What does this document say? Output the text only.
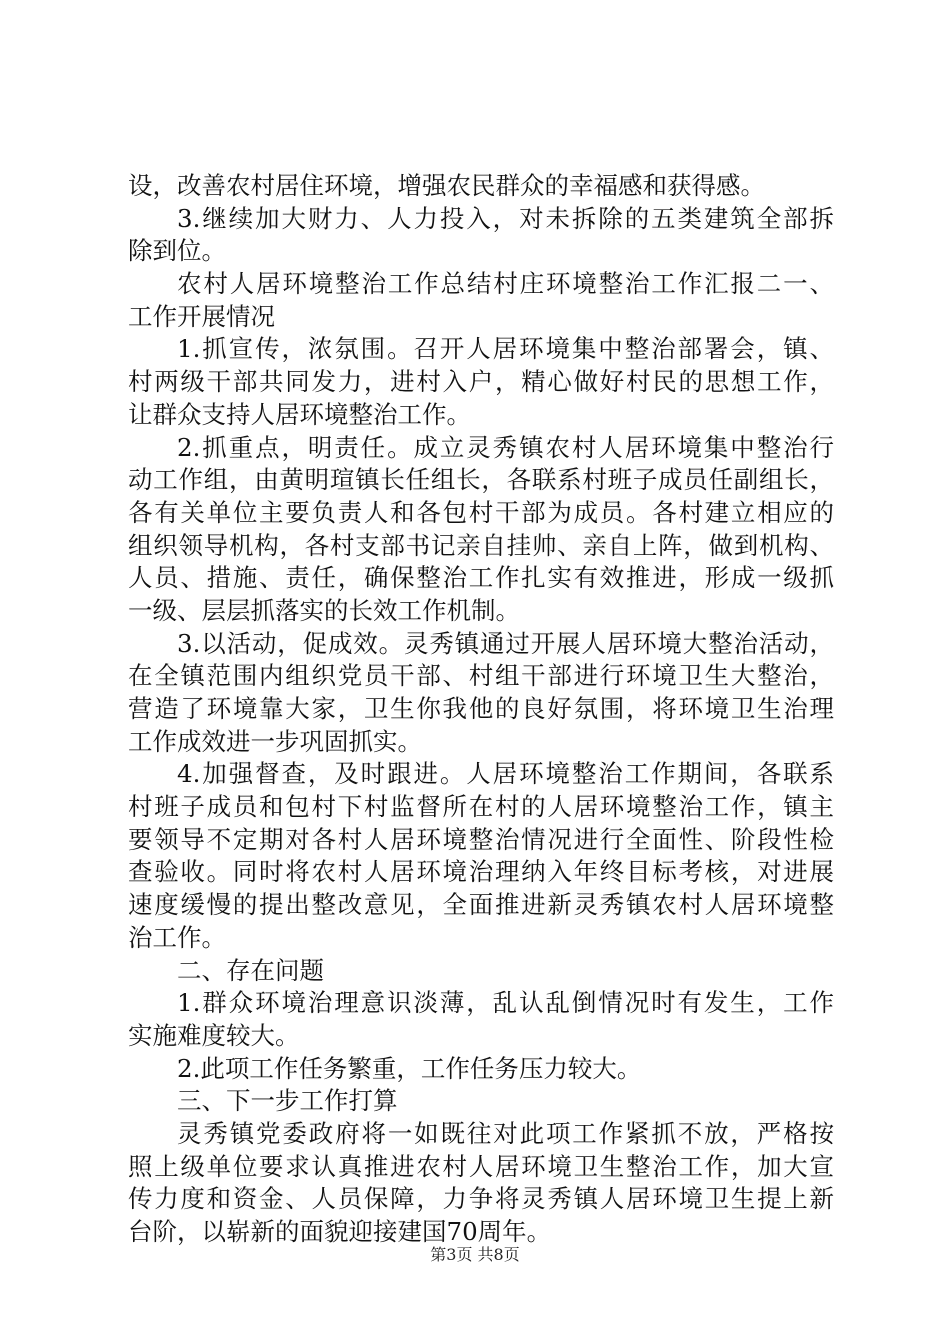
设，改善农村居住环境，增强农民群众的幸福感和获得感。
3.继续加大财力、人力投入，对未拆除的五类建筑全部拆
除到位。
农村人居环境整治工作总结村庄环境整治工作汇报二一、
工作开展情况
1.抓宣传，浓氛围。召开人居环境集中整治部署会，镇、
村两级干部共同发力，进村入户，精心做好村民的思想工作，
让群众支持人居环境整治工作。
2.抓重点，明责任。成立灵秀镇农村人居环境集中整治行
动工作组，由黄明瑄镇长任组长，各联系村班子成员任副组长，
各有关单位主要负责人和各包村干部为成员。各村建立相应的
组织领导机构，各村支部书记亲自挂帅、亲自上阵，做到机构、
人员、措施、责任，确保整治工作扎实有效推进，形成一级抓
一级、层层抓落实的长效工作机制。
3.以活动，促成效。灵秀镇通过开展人居环境大整治活动，
在全镇范围内组织党员干部、村组干部进行环境卫生大整治，
营造了环境靠大家，卫生你我他的良好氛围，将环境卫生治理
工作成效进一步巩固抓实。
4.加强督查，及时跟进。人居环境整治工作期间，各联系
村班子成员和包村下村监督所在村的人居环境整治工作，镇主
要领导不定期对各村人居环境整治情况进行全面性、阶段性检
查验收。同时将农村人居环境治理纳入年终目标考核，对进展
速度缓慢的提出整改意见，全面推进新灵秀镇农村人居环境整
治工作。
二、存在问题
1.群众环境治理意识淡薄，乱认乱倒情况时有发生，工作
实施难度较大。
2.此项工作任务繁重，工作任务压力较大。
三、下一步工作打算
灵秀镇党委政府将一如既往对此项工作紧抓不放，严格按
照上级单位要求认真推进农村人居环境卫生整治工作，加大宣
传力度和资金、人员保障，力争将灵秀镇人居环境卫生提上新
台阶，以崭新的面貌迎接建国70周年。
第3页 共8页
